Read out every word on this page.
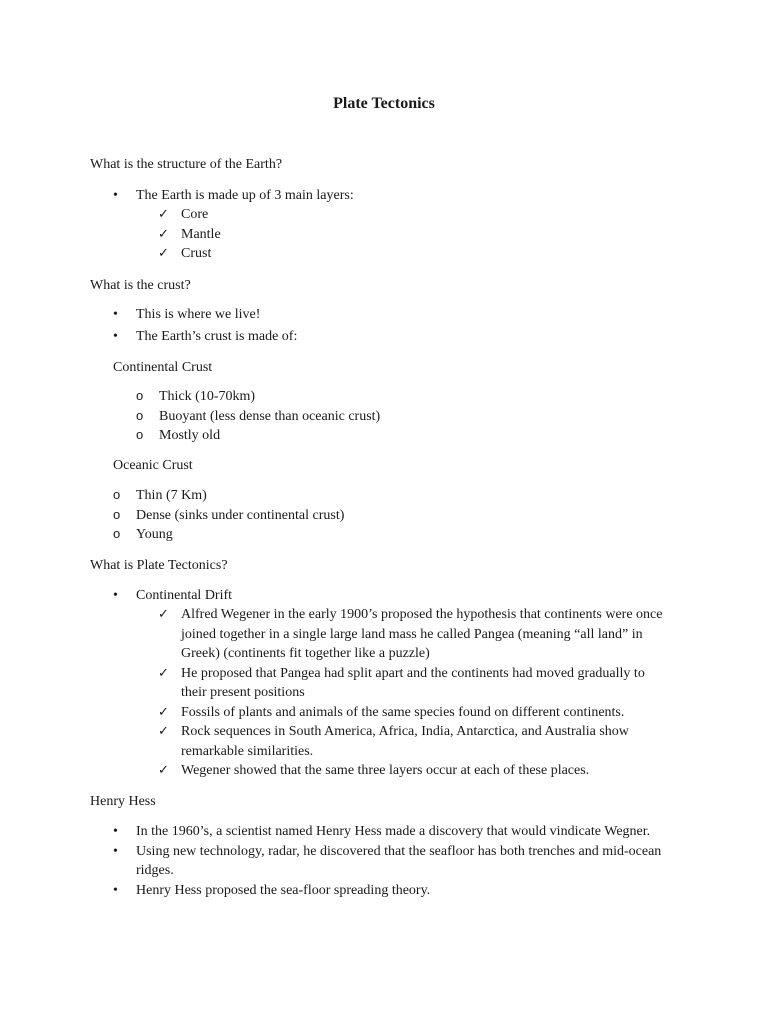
Plate Tectonics
What is the structure of the Earth?
• The Earth is made up of 3 main layers:
✓ Core
✓ Mantle
✓ Crust
What is the crust?
• This is where we live!
• The Earth’s crust is made of:
Continental Crust
o Thick (10-70km)
o Buoyant (less dense than oceanic crust)
o Mostly old
Oceanic Crust
o Thin (7 Km)
o Dense (sinks under continental crust)
o Young
What is Plate Tectonics?
• Continental Drift
✓ Alfred Wegener in the early 1900’s proposed the hypothesis that continents were once joined together in a single large land mass he called Pangea (meaning “all land” in Greek) (continents fit together like a puzzle)
✓ He proposed that Pangea had split apart and the continents had moved gradually to their present positions
✓ Fossils of plants and animals of the same species found on different continents.
✓ Rock sequences in South America, Africa, India, Antarctica, and Australia show remarkable similarities.
✓ Wegener showed that the same three layers occur at each of these places.
Henry Hess
• In the 1960’s, a scientist named Henry Hess made a discovery that would vindicate Wegner.
• Using new technology, radar, he discovered that the seafloor has both trenches and mid-ocean ridges.
• Henry Hess proposed the sea-floor spreading theory.
